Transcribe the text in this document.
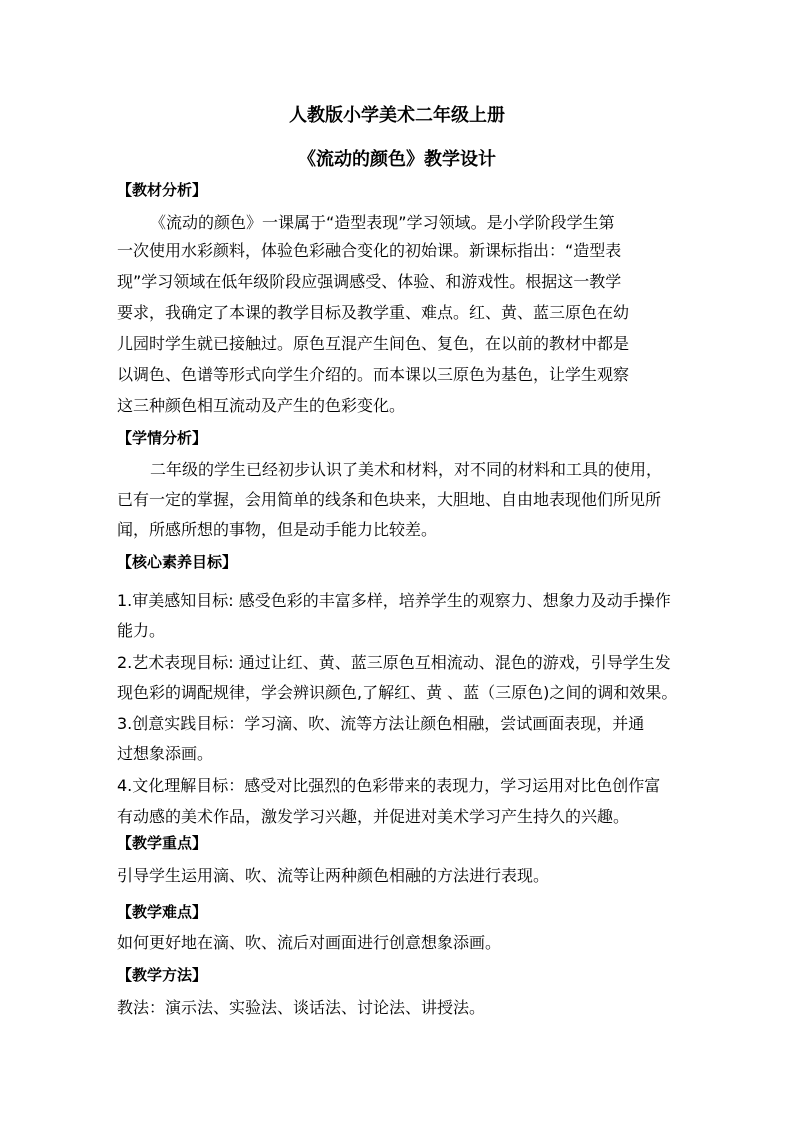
人教版小学美术二年级上册
《流动的颜色》教学设计
【教材分析】
《流动的颜色》一课属于“造型表现”学习领域。是小学阶段学生第
一次使用水彩颜料，体验色彩融合变化的初始课。新课标指出：“造型表
现”学习领域在低年级阶段应强调感受、体验、和游戏性。根据这一教学
要求，我确定了本课的教学目标及教学重、难点。红、黄、蓝三原色在幼
儿园时学生就已接触过。原色互混产生间色、复色，在以前的教材中都是
以调色、色谱等形式向学生介绍的。而本课以三原色为基色，让学生观察
这三种颜色相互流动及产生的色彩变化。
【学情分析】
二年级的学生已经初步认识了美术和材料，对不同的材料和工具的使用，
已有一定的掌握，会用简单的线条和色块来，大胆地、自由地表现他们所见所
闻，所感所想的事物，但是动手能力比较差。
【核心素养目标】
1.审美感知目标: 感受色彩的丰富多样，培养学生的观察力、想象力及动手操作
能力。
2.艺术表现目标: 通过让红、黄、蓝三原色互相流动、混色的游戏，引导学生发
现色彩的调配规律，学会辨识颜色,了解红、黄 、蓝（三原色)之间的调和效果。
3.创意实践目标：学习滴、吹、流等方法让颜色相融，尝试画面表现，并通
过想象添画。
4.文化理解目标：感受对比强烈的色彩带来的表现力，学习运用对比色创作富
有动感的美术作品，激发学习兴趣，并促进对美术学习产生持久的兴趣。
【教学重点】
引导学生运用滴、吹、流等让两种颜色相融的方法进行表现。
【教学难点】
如何更好地在滴、吹、流后对画面进行创意想象添画。
【教学方法】
教法：演示法、实验法、谈话法、讨论法、讲授法。
